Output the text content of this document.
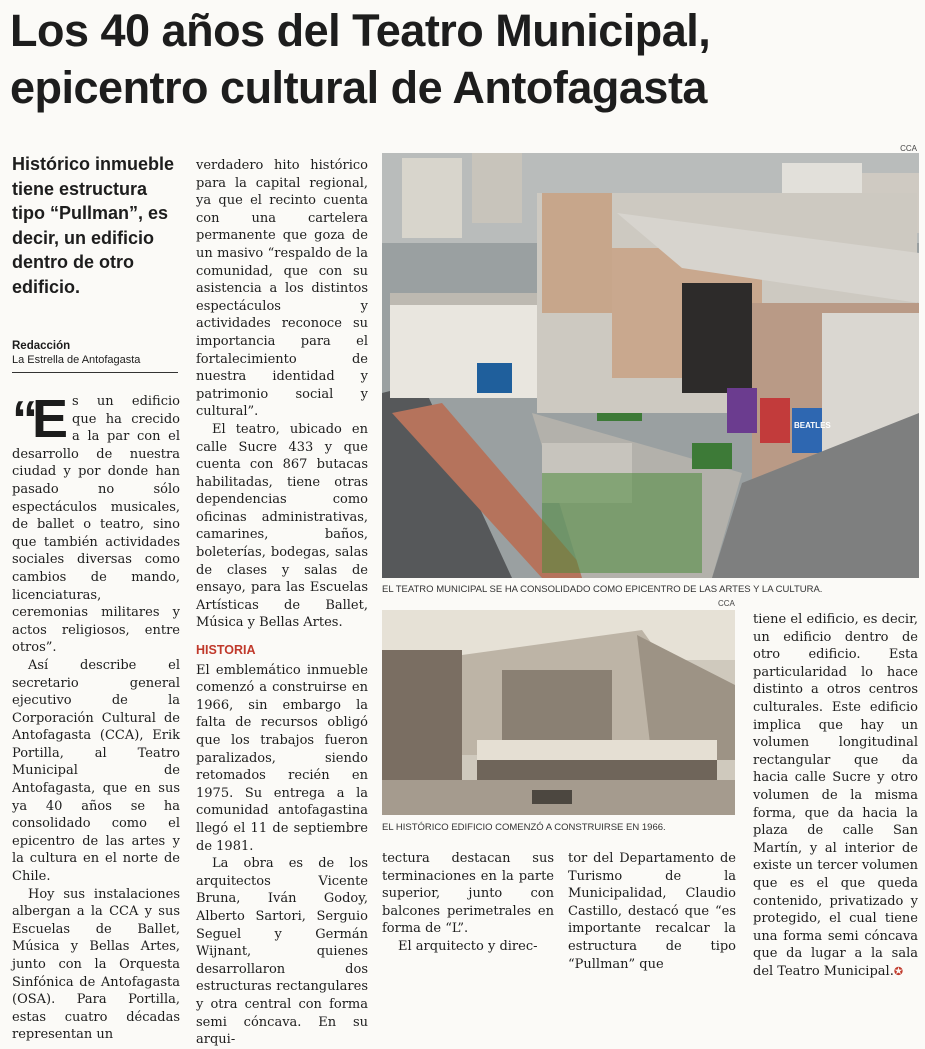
Los 40 años del Teatro Municipal,
epicentro cultural de Antofagasta
Histórico inmueble tiene estructura tipo “Pullman”, es decir, un edificio dentro de otro edificio.
Redacción
La Estrella de Antofagasta

“E s un edificio que ha crecido a la par con el desarrollo de nuestra ciudad y por donde han pasado no sólo espectáculos musicales, de ballet o teatro, sino que también actividades sociales diversas como cambios de mando, licenciaturas, ceremonias militares y actos religiosos, entre otros”.

Así describe el secretario general ejecutivo de la Corporación Cultural de Antofagasta (CCA), Erik Portilla, al Teatro Municipal de Antofagasta, que en sus ya 40 años se ha consolidado como el epicentro de las artes y la cultura en el norte de Chile.

Hoy sus instalaciones albergan a la CCA y sus Escuelas de Ballet, Música y Bellas Artes, junto con la Orquesta Sinfónica de Antofagasta (OSA). Para Portilla, estas cuatro décadas representan un

verdadero hito histórico para la capital regional, ya que el recinto cuenta con una cartelera permanente que goza de un masivo “respaldo de la comunidad, que con su asistencia a los distintos espectáculos y actividades reconoce su importancia para el fortalecimiento de nuestra identidad y patrimonio social y cultural”.

El teatro, ubicado en calle Sucre 433 y que cuenta con 867 butacas habilitadas, tiene otras dependencias como oficinas administrativas, camarines, baños, boleterías, bodegas, salas de clases y salas de ensayo, para las Escuelas Artísticas de Ballet, Música y Bellas Artes.

HISTORIA

El emblemático inmueble comenzó a construirse en 1966, sin embargo la falta de recursos obligó que los trabajos fueron paralizados, siendo retomados recién en 1975. Su entrega a la comunidad antofagastina llegó el 11 de septiembre de 1981.

La obra es de los arquitectos Vicente Bruna, Iván Godoy, Alberto Sartori, Serguio Seguel y Germán Wijnant, quienes desarrollaron dos estructuras rectangulares y otra central con forma semi cóncava. En su arqui-

CCA
BEATLES
EL TEATRO MUNICIPAL SE HA CONSOLIDADO COMO EPICENTRO DE LAS ARTES Y LA CULTURA.
CCA
EL HISTÓRICO EDIFICIO COMENZÓ A CONSTRUIRSE EN 1966.

tectura destacan sus terminaciones en la parte superior, junto con balcones perimetrales en forma de “L”.

El arquitecto y direc-

tor del Departamento de Turismo de la Municipalidad, Claudio Castillo, destacó que “es importante recalcar la estructura de tipo “Pullman” que

tiene el edificio, es decir, un edificio dentro de otro edificio. Esta particularidad lo hace distinto a otros centros culturales. Este edificio implica que hay un volumen longitudinal rectangular que da hacia calle Sucre y otro volumen de la misma forma, que da hacia la plaza de calle San Martín, y al interior de existe un tercer volumen que es el que queda contenido, privatizado y protegido, el cual tiene una forma semi cóncava que da lugar a la sala del Teatro Municipal.✪
